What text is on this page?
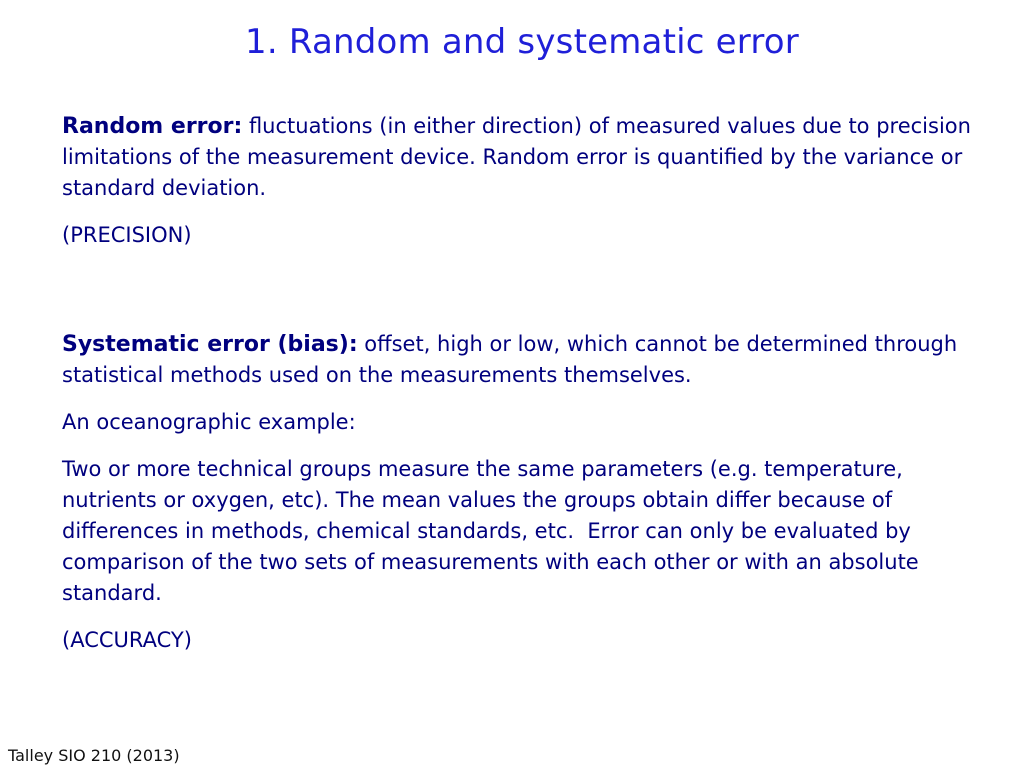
1. Random and systematic error

Random error: fluctuations (in either direction) of measured values due to precision limitations of the measurement device. Random error is quantified by the variance or standard deviation.

(PRECISION)

Systematic error (bias): offset, high or low, which cannot be determined through statistical methods used on the measurements themselves.

An oceanographic example:

Two or more technical groups measure the same parameters (e.g. temperature, nutrients or oxygen, etc). The mean values the groups obtain differ because of differences in methods, chemical standards, etc.  Error can only be evaluated by comparison of the two sets of measurements with each other or with an absolute standard.

(ACCURACY)

Talley SIO 210 (2013)
